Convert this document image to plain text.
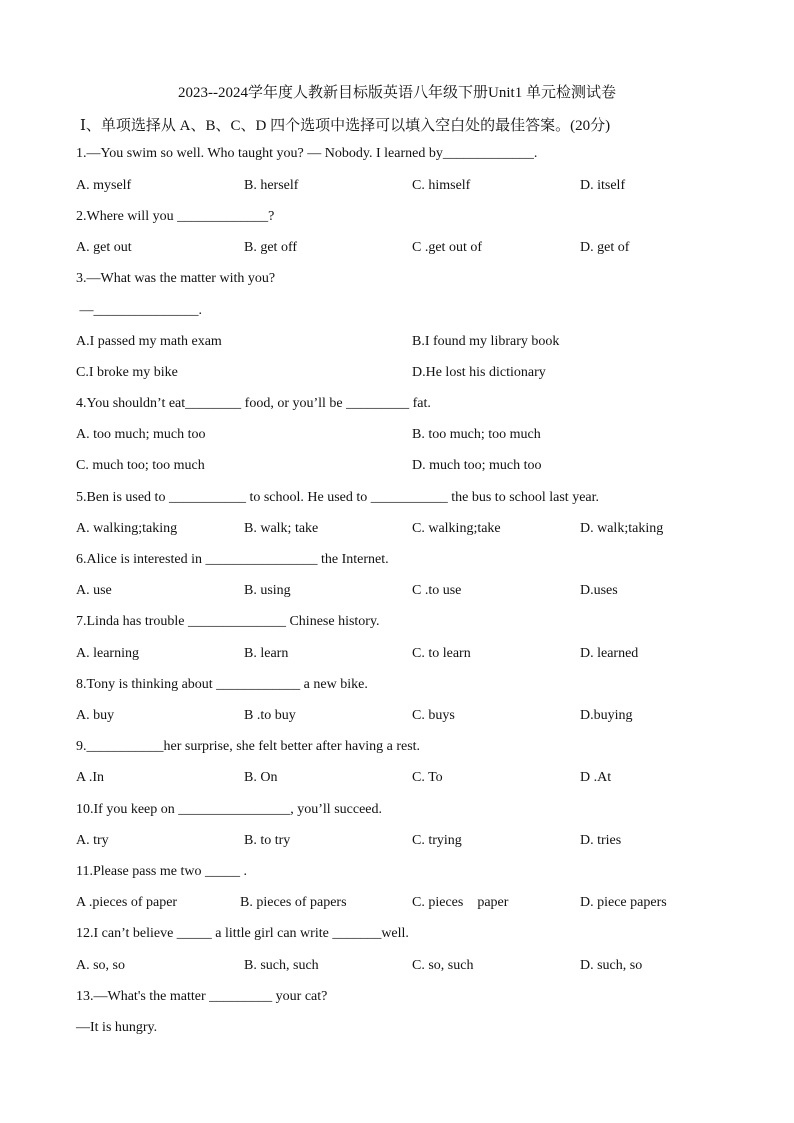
2023--2024学年度人教新目标版英语八年级下册Unit1 单元检测试卷
Ⅰ、单项选择从 A、B、C、D 四个选项中选择可以填入空白处的最佳答案。(20分)
1.—You swim so well. Who taught you? — Nobody. I learned by_____________.
A. myself	B. herself	C. himself	D. itself
2.Where will you _____________?
A. get out	B. get off	C .get out of	D. get of
3.—What was the matter with you?
—_______________.
A.I passed my math exam	B.I found my library book
C.I broke my bike	D.He lost his dictionary
4.You shouldn’t eat________ food, or you’ll be _________ fat.
A. too much; much too	B. too much; too much
C. much too; too much	D. much too; much too
5.Ben is used to ___________ to school. He used to ___________ the bus to school last year.
A. walking;taking	B. walk; take	C. walking;take	D. walk;taking
6.Alice is interested in ________________ the Internet.
A. use	B. using	C .to use	D.uses
7.Linda has trouble ______________ Chinese history.
A. learning	B. learn	C. to learn	D. learned
8.Tony is thinking about ____________ a new bike.
A. buy	B .to buy	C. buys	D.buying
9.___________her surprise, she felt better after having a rest.
A .In	B. On	C. To	D .At
10.If you keep on ________________, you’ll succeed.
A. try	B. to try	C. trying	D. tries
11.Please pass me two _____ .
A .pieces of paper	B. pieces of papers	C. pieces    paper	D. piece papers
12.I can’t believe _____ a little girl can write _______well.
A. so, so	B. such, such	C. so, such	D. such, so
13.—What's the matter _________ your cat?
—It is hungry.
